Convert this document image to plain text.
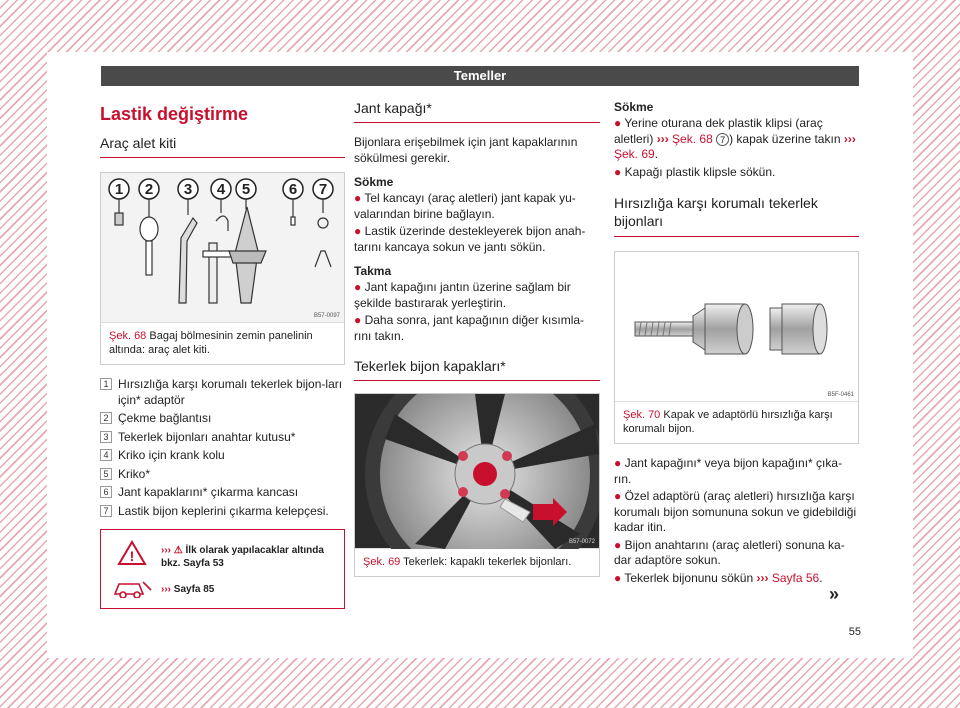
Temeller
Lastik değiştirme
Araç alet kiti
1 2 3 4 5	6 7
B57-0097
Şek. 68 Bagaj bölmesinin zemin panelinin altında: araç alet kiti.
1 Hırsızlığa karşı korumalı tekerlek bijon-ları için* adaptör
2 Çekme bağlantısı
3 Tekerlek bijonları anahtar kutusu*
4 Kriko için krank kolu
5 Kriko*
6 Jant kapaklarını* çıkarma kancası
7 Lastik bijon keplerini çıkarma kelepçesi.
!	››› ⚠ İlk olarak yapılacaklar altında
bkz. Sayfa 53
››› Sayfa 85
Jant kapağı*

Bijonlara erişebilmek için jant kapaklarının sökülmesi gerekir.

Sökme

● Tel kancayı (araç aletleri) jant kapak yu-valarından birine bağlayın.

● Lastik üzerinde destekleyerek bijon anah-tarını kancaya sokun ve jantı sökün.

Takma

● Jant kapağını jantın üzerine sağlam bir şekilde bastırarak yerleştirin.

● Daha sonra, jant kapağının diğer kısımla-rını takın.

Tekerlek bijon kapakları*
B57-0072
Şek. 69 Tekerlek: kapaklı tekerlek bijonları.
Sökme

● Yerine oturana dek plastik klipsi (araç aletleri) ››› Şek. 68 7 ) kapak üzerine takın ››› Şek. 69.

● Kapağı plastik klipsle sökün.

Hırsızlığa karşı korumalı tekerlek bijonları
B5F-0461
Şek. 70 Kapak ve adaptörlü hırsızlığa karşı korumalı bijon.

● Jant kapağını* veya bijon kapağını* çıka-rın.

● Özel adaptörü (araç aletleri) hırsızlığa karşı korumalı bijon somununa sokun ve gidebildiği kadar itin.

● Bijon anahtarını (araç aletleri) sonuna ka-dar adaptöre sokun.

● Tekerlek bijonunu sökün ››› Sayfa 56.

»
55
